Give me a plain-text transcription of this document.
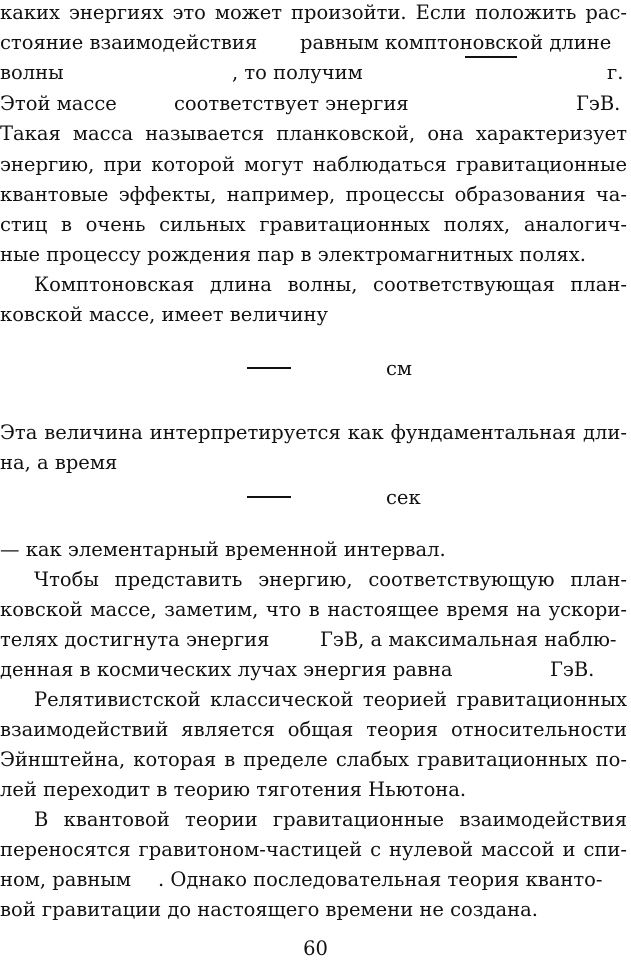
каких энергиях это может произойти. Если положить рас-
стояние взаимодействия равным комптоновской длине
волны	, то получим	г.
Этой массе	соответствует энергия	ГэВ.
Такая масса называется планковской, она характеризует
энергию, при которой могут наблюдаться гравитационные
квантовые эффекты, например, процессы образования ча-
стиц в очень сильных гравитационных полях, аналогич-
ные процессу рождения пар в электромагнитных полях.
Комптоновская длина волны, соответствующая план-
ковской массе, имеет величину
см
Эта величина интерпретируется как фундаментальная дли-
на, а время
сек
— как элементарный временной интервал.
Чтобы представить энергию, соответствующую план-
ковской массе, заметим, что в настоящее время на ускори-
телях достигнута энергия	ГэВ, а максимальная наблю-
денная в космических лучах энергия равна	ГэВ.
Релятивистской классической теорией гравитационных
взаимодействий является общая теория относительности
Эйнштейна, которая в пределе слабых гравитационных по-
лей переходит в теорию тяготения Ньютона.
В квантовой теории гравитационные взаимодействия
переносятся гравитоном-частицей с нулевой массой и спи-
ном, равным . Однако последовательная теория кванто-
вой гравитации до настоящего времени не создана.
60
